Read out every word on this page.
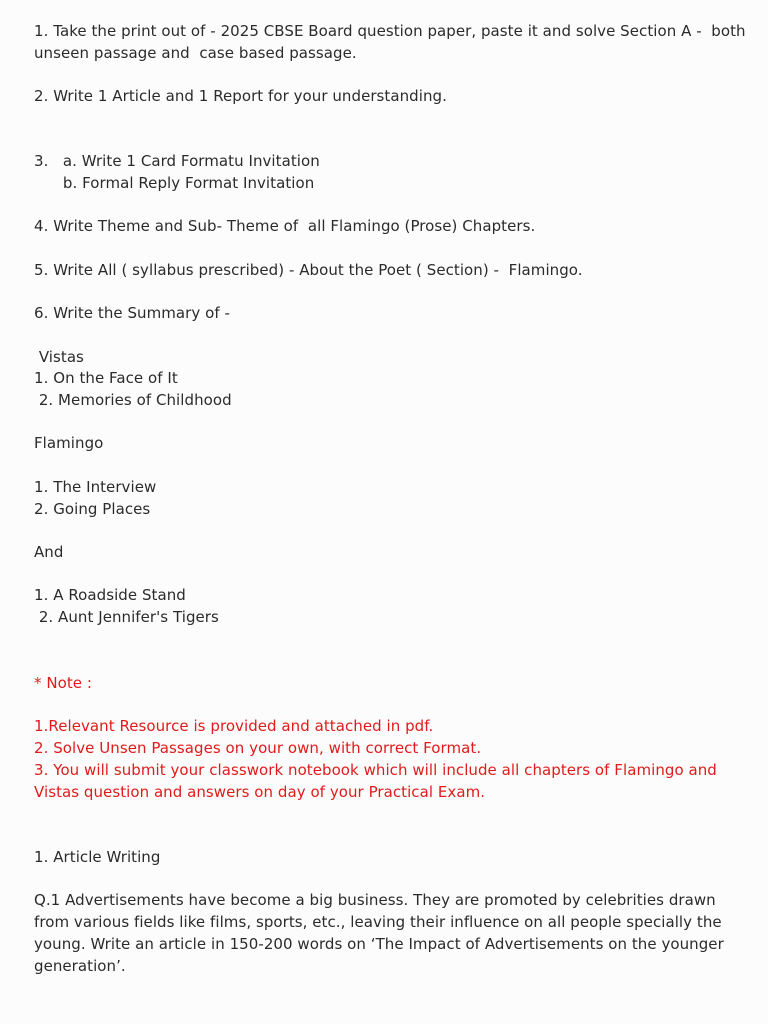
1. Take the print out of - 2025 CBSE Board question paper, paste it and solve Section A -  both
unseen passage and  case based passage.
2. Write 1 Article and 1 Report for your understanding.
3.   a. Write 1 Card Formatu Invitation
b. Formal Reply Format Invitation
4. Write Theme and Sub- Theme of  all Flamingo (Prose) Chapters.
5. Write All ( syllabus prescribed) - About the Poet ( Section) -  Flamingo.
6. Write the Summary of -
Vistas
1. On the Face of It
2. Memories of Childhood
Flamingo
1. The Interview
2. Going Places
And
1. A Roadside Stand
2. Aunt Jennifer's Tigers
* Note :
1.Relevant Resource is provided and attached in pdf.
2. Solve Unsen Passages on your own, with correct Format.
3. You will submit your classwork notebook which will include all chapters of Flamingo and
Vistas question and answers on day of your Practical Exam.
1. Article Writing
Q.1 Advertisements have become a big business. They are promoted by celebrities drawn
from various fields like films, sports, etc., leaving their influence on all people specially the
young. Write an article in 150-200 words on ‘The Impact of Advertisements on the younger
generation’.
